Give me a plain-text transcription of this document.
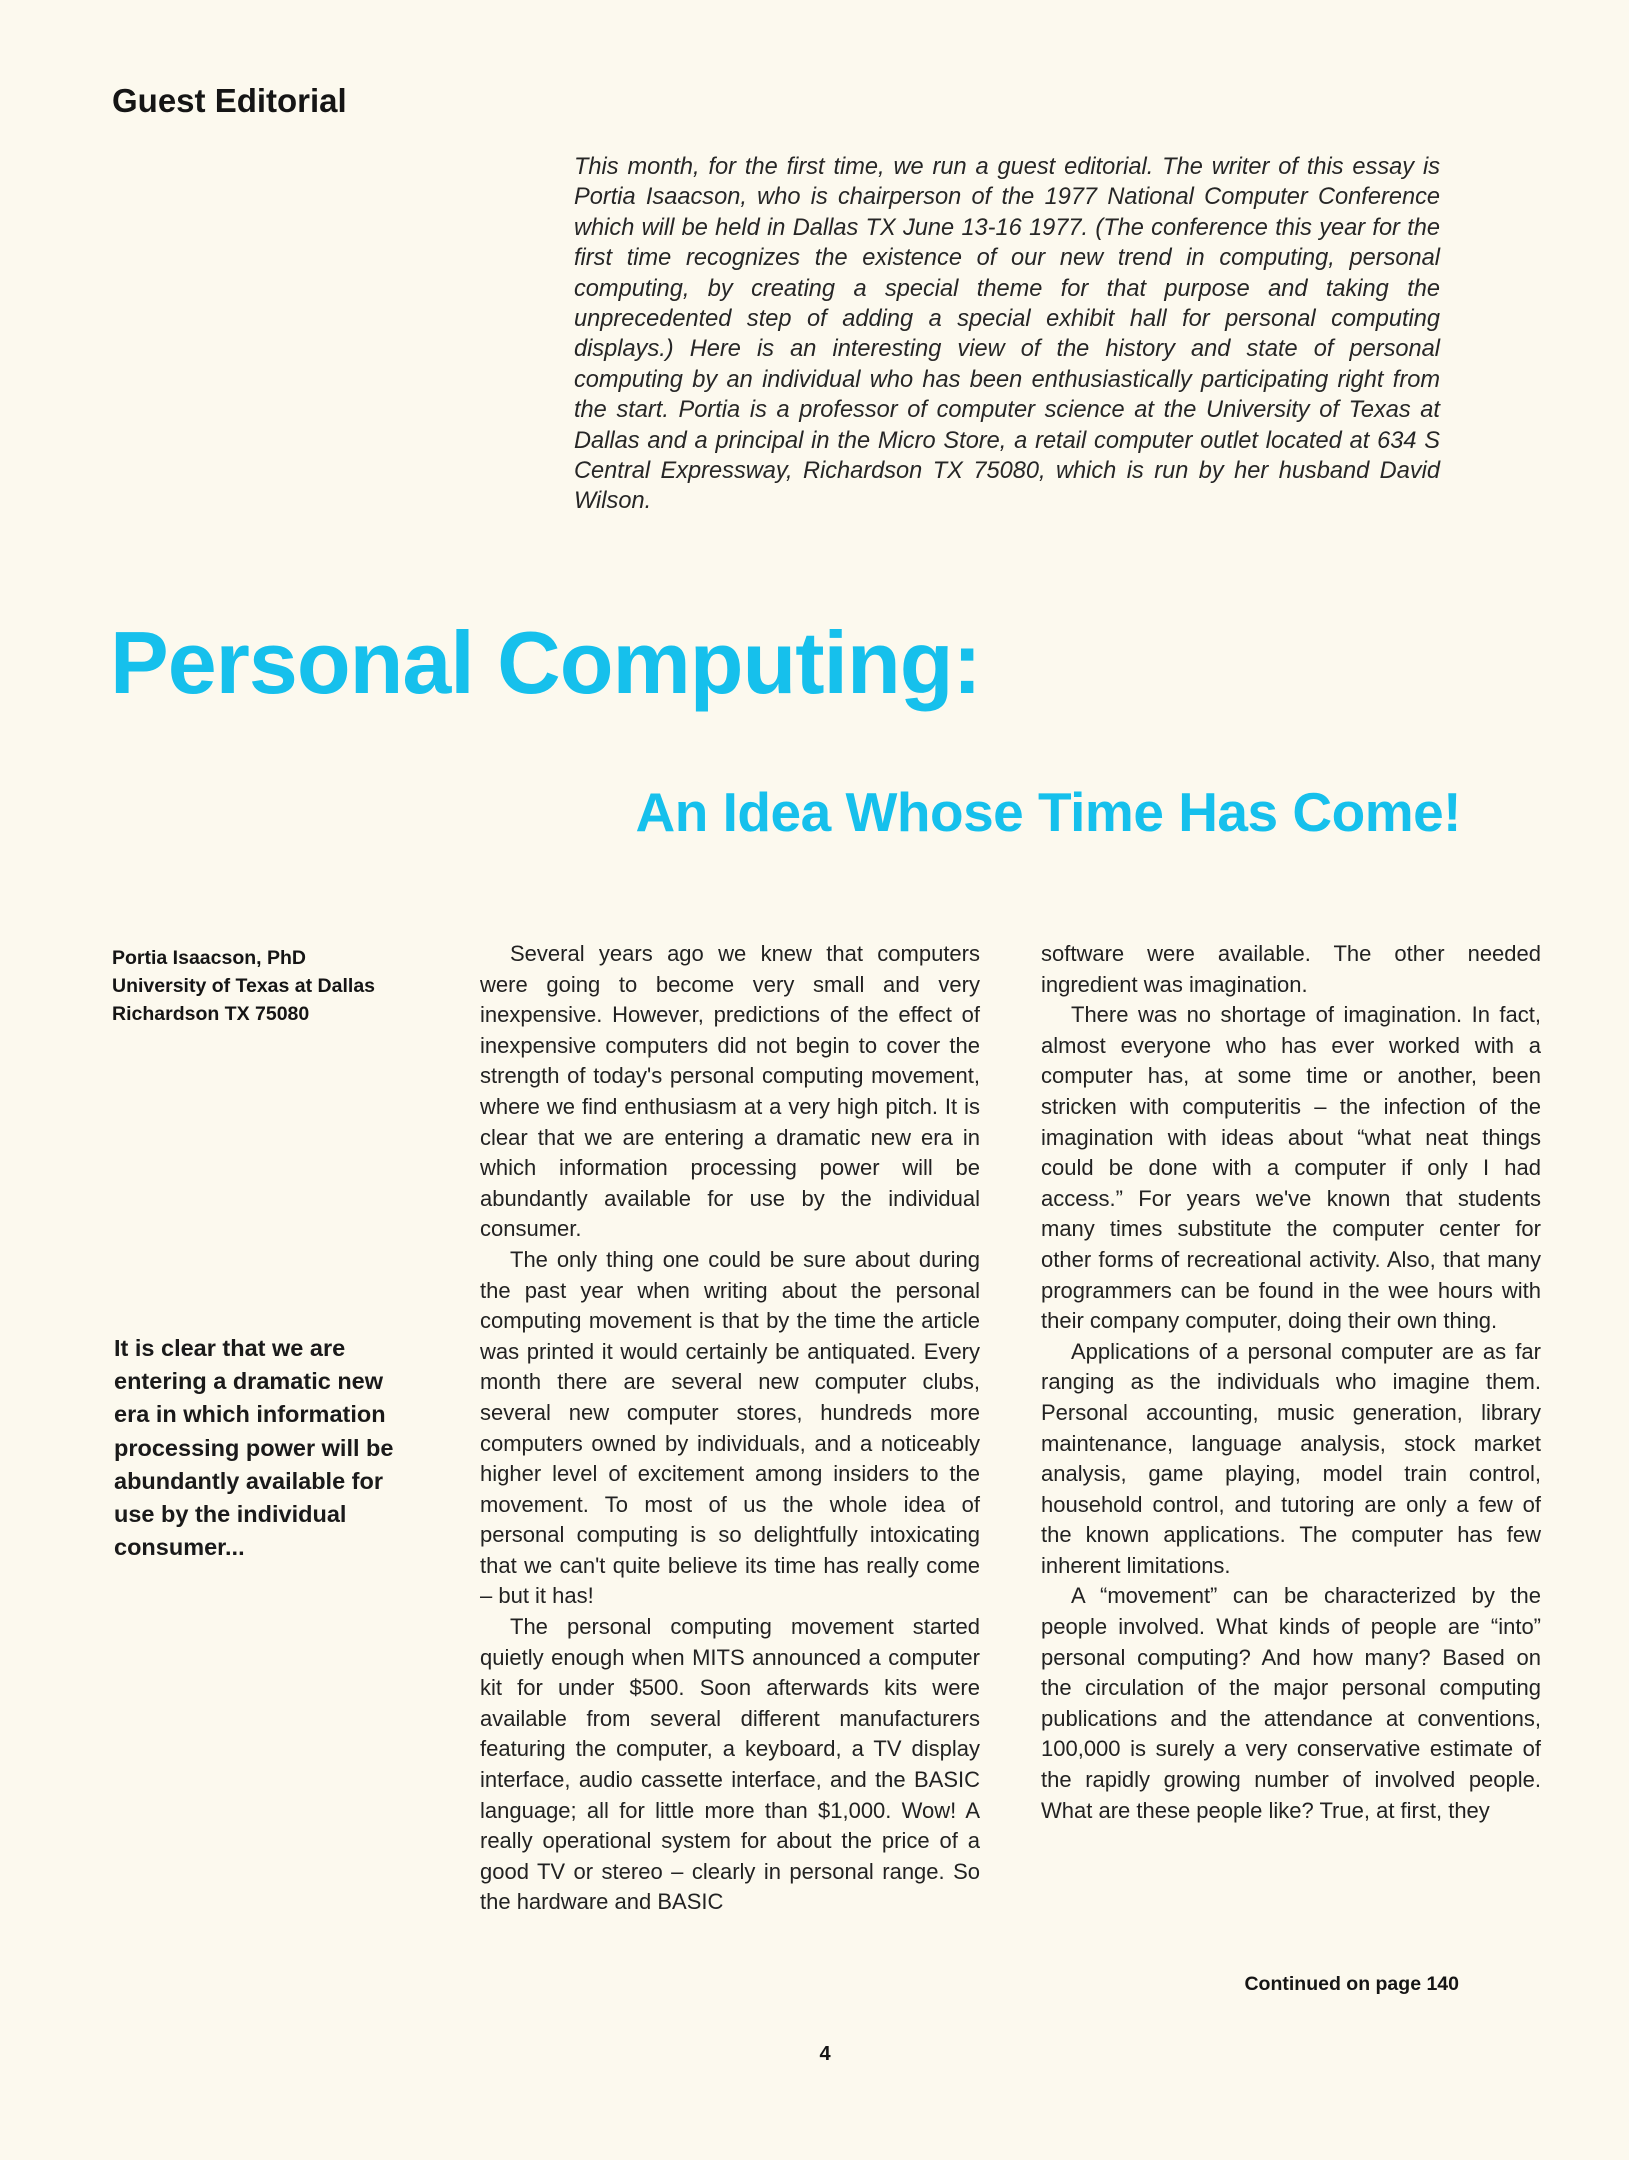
Guest Editorial

This month, for the first time, we run a guest editorial. The writer of this essay is Portia Isaacson, who is chairperson of the 1977 National Computer Conference which will be held in Dallas TX June 13-16 1977. (The conference this year for the first time recognizes the existence of our new trend in computing, personal computing, by creating a special theme for that purpose and taking the unprecedented step of adding a special exhibit hall for personal computing displays.) Here is an interesting view of the history and state of personal computing by an individual who has been enthusiastically participating right from the start. Portia is a professor of computer science at the University of Texas at Dallas and a principal in the Micro Store, a retail computer outlet located at 634 S Central Expressway, Richardson TX 75080, which is run by her husband David Wilson.

Personal Computing:
An Idea Whose Time Has Come!
Portia Isaacson, PhD
University of Texas at Dallas
Richardson TX 75080
It is clear that we are entering a dramatic new era in which information processing power will be abundantly available for use by the individual consumer...

Several years ago we knew that computers were going to become very small and very inexpensive. However, predictions of the effect of inexpensive computers did not begin to cover the strength of today's personal computing movement, where we find enthusiasm at a very high pitch. It is clear that we are entering a dramatic new era in which information processing power will be abundantly available for use by the individual consumer.

The only thing one could be sure about during the past year when writing about the personal computing movement is that by the time the article was printed it would certainly be antiquated. Every month there are several new computer clubs, several new computer stores, hundreds more computers owned by individuals, and a noticeably higher level of excitement among insiders to the movement. To most of us the whole idea of personal computing is so delightfully intoxicating that we can't quite believe its time has really come – but it has!

The personal computing movement started quietly enough when MITS announced a computer kit for under $500. Soon afterwards kits were available from several different manufacturers featuring the computer, a keyboard, a TV display interface, audio cassette interface, and the BASIC language; all for little more than $1,000. Wow! A really operational system for about the price of a good TV or stereo – clearly in personal range. So the hardware and BASIC

software were available. The other needed ingredient was imagination.

There was no shortage of imagination. In fact, almost everyone who has ever worked with a computer has, at some time or another, been stricken with computeritis – the infection of the imagination with ideas about “what neat things could be done with a computer if only I had access.” For years we've known that students many times substitute the computer center for other forms of recreational activity. Also, that many programmers can be found in the wee hours with their company computer, doing their own thing.

Applications of a personal computer are as far ranging as the individuals who imagine them. Personal accounting, music generation, library maintenance, language analysis, stock market analysis, game playing, model train control, household control, and tutoring are only a few of the known applications. The computer has few inherent limitations.

A “movement” can be characterized by the people involved. What kinds of people are “into” personal computing? And how many? Based on the circulation of the major personal computing publications and the attendance at conventions, 100,000 is surely a very conservative estimate of the rapidly growing number of involved people. What are these people like? True, at first, they

Continued on page 140
4
